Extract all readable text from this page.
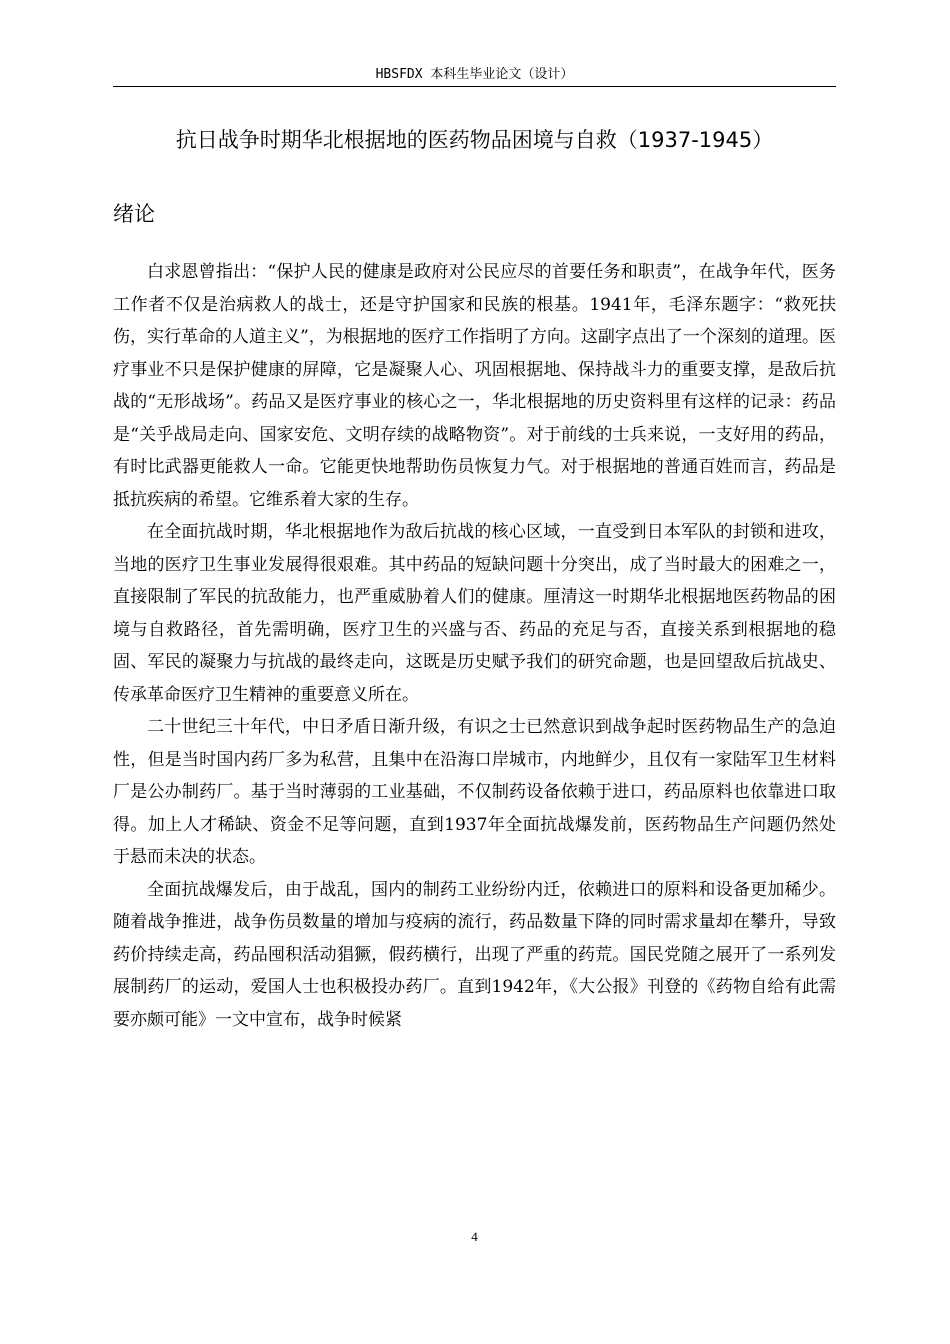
HBSFDX 本科生毕业论文（设计）
抗日战争时期华北根据地的医药物品困境与自救（1937-1945）
绪论

白求恩曾指出：“保护人民的健康是政府对公民应尽的首要任务和职责”，在战争年代，医务工作者不仅是治病救人的战士，还是守护国家和民族的根基。1941年，毛泽东题字：“救死扶伤，实行革命的人道主义”，为根据地的医疗工作指明了方向。这副字点出了一个深刻的道理。医疗事业不只是保护健康的屏障，它是凝聚人心、巩固根据地、保持战斗力的重要支撑，是敌后抗战的“无形战场”。药品又是医疗事业的核心之一，华北根据地的历史资料里有这样的记录：药品是“关乎战局走向、国家安危、文明存续的战略物资”。对于前线的士兵来说，一支好用的药品，有时比武器更能救人一命。它能更快地帮助伤员恢复力气。对于根据地的普通百姓而言，药品是抵抗疾病的希望。它维系着大家的生存。

在全面抗战时期，华北根据地作为敌后抗战的核心区域，一直受到日本军队的封锁和进攻，当地的医疗卫生事业发展得很艰难。其中药品的短缺问题十分突出，成了当时最大的困难之一，直接限制了军民的抗敌能力，也严重威胁着人们的健康。厘清这一时期华北根据地医药物品的困境与自救路径，首先需明确，医疗卫生的兴盛与否、药品的充足与否，直接关系到根据地的稳固、军民的凝聚力与抗战的最终走向，这既是历史赋予我们的研究命题，也是回望敌后抗战史、传承革命医疗卫生精神的重要意义所在。

二十世纪三十年代，中日矛盾日渐升级，有识之士已然意识到战争起时医药物品生产的急迫性，但是当时国内药厂多为私营，且集中在沿海口岸城市，内地鲜少，且仅有一家陆军卫生材料厂是公办制药厂。基于当时薄弱的工业基础，不仅制药设备依赖于进口，药品原料也依靠进口取得。加上人才稀缺、资金不足等问题，直到1937年全面抗战爆发前，医药物品生产问题仍然处于悬而未决的状态。

全面抗战爆发后，由于战乱，国内的制药工业纷纷内迁，依赖进口的原料和设备更加稀少。随着战争推进，战争伤员数量的增加与疫病的流行，药品数量下降的同时需求量却在攀升，导致药价持续走高，药品囤积活动猖獗，假药横行，出现了严重的药荒。国民党随之展开了一系列发展制药厂的运动，爱国人士也积极投办药厂。直到1942年，《大公报》刊登的《药物自给有此需要亦颇可能》一文中宣布，战争时候紧

4
